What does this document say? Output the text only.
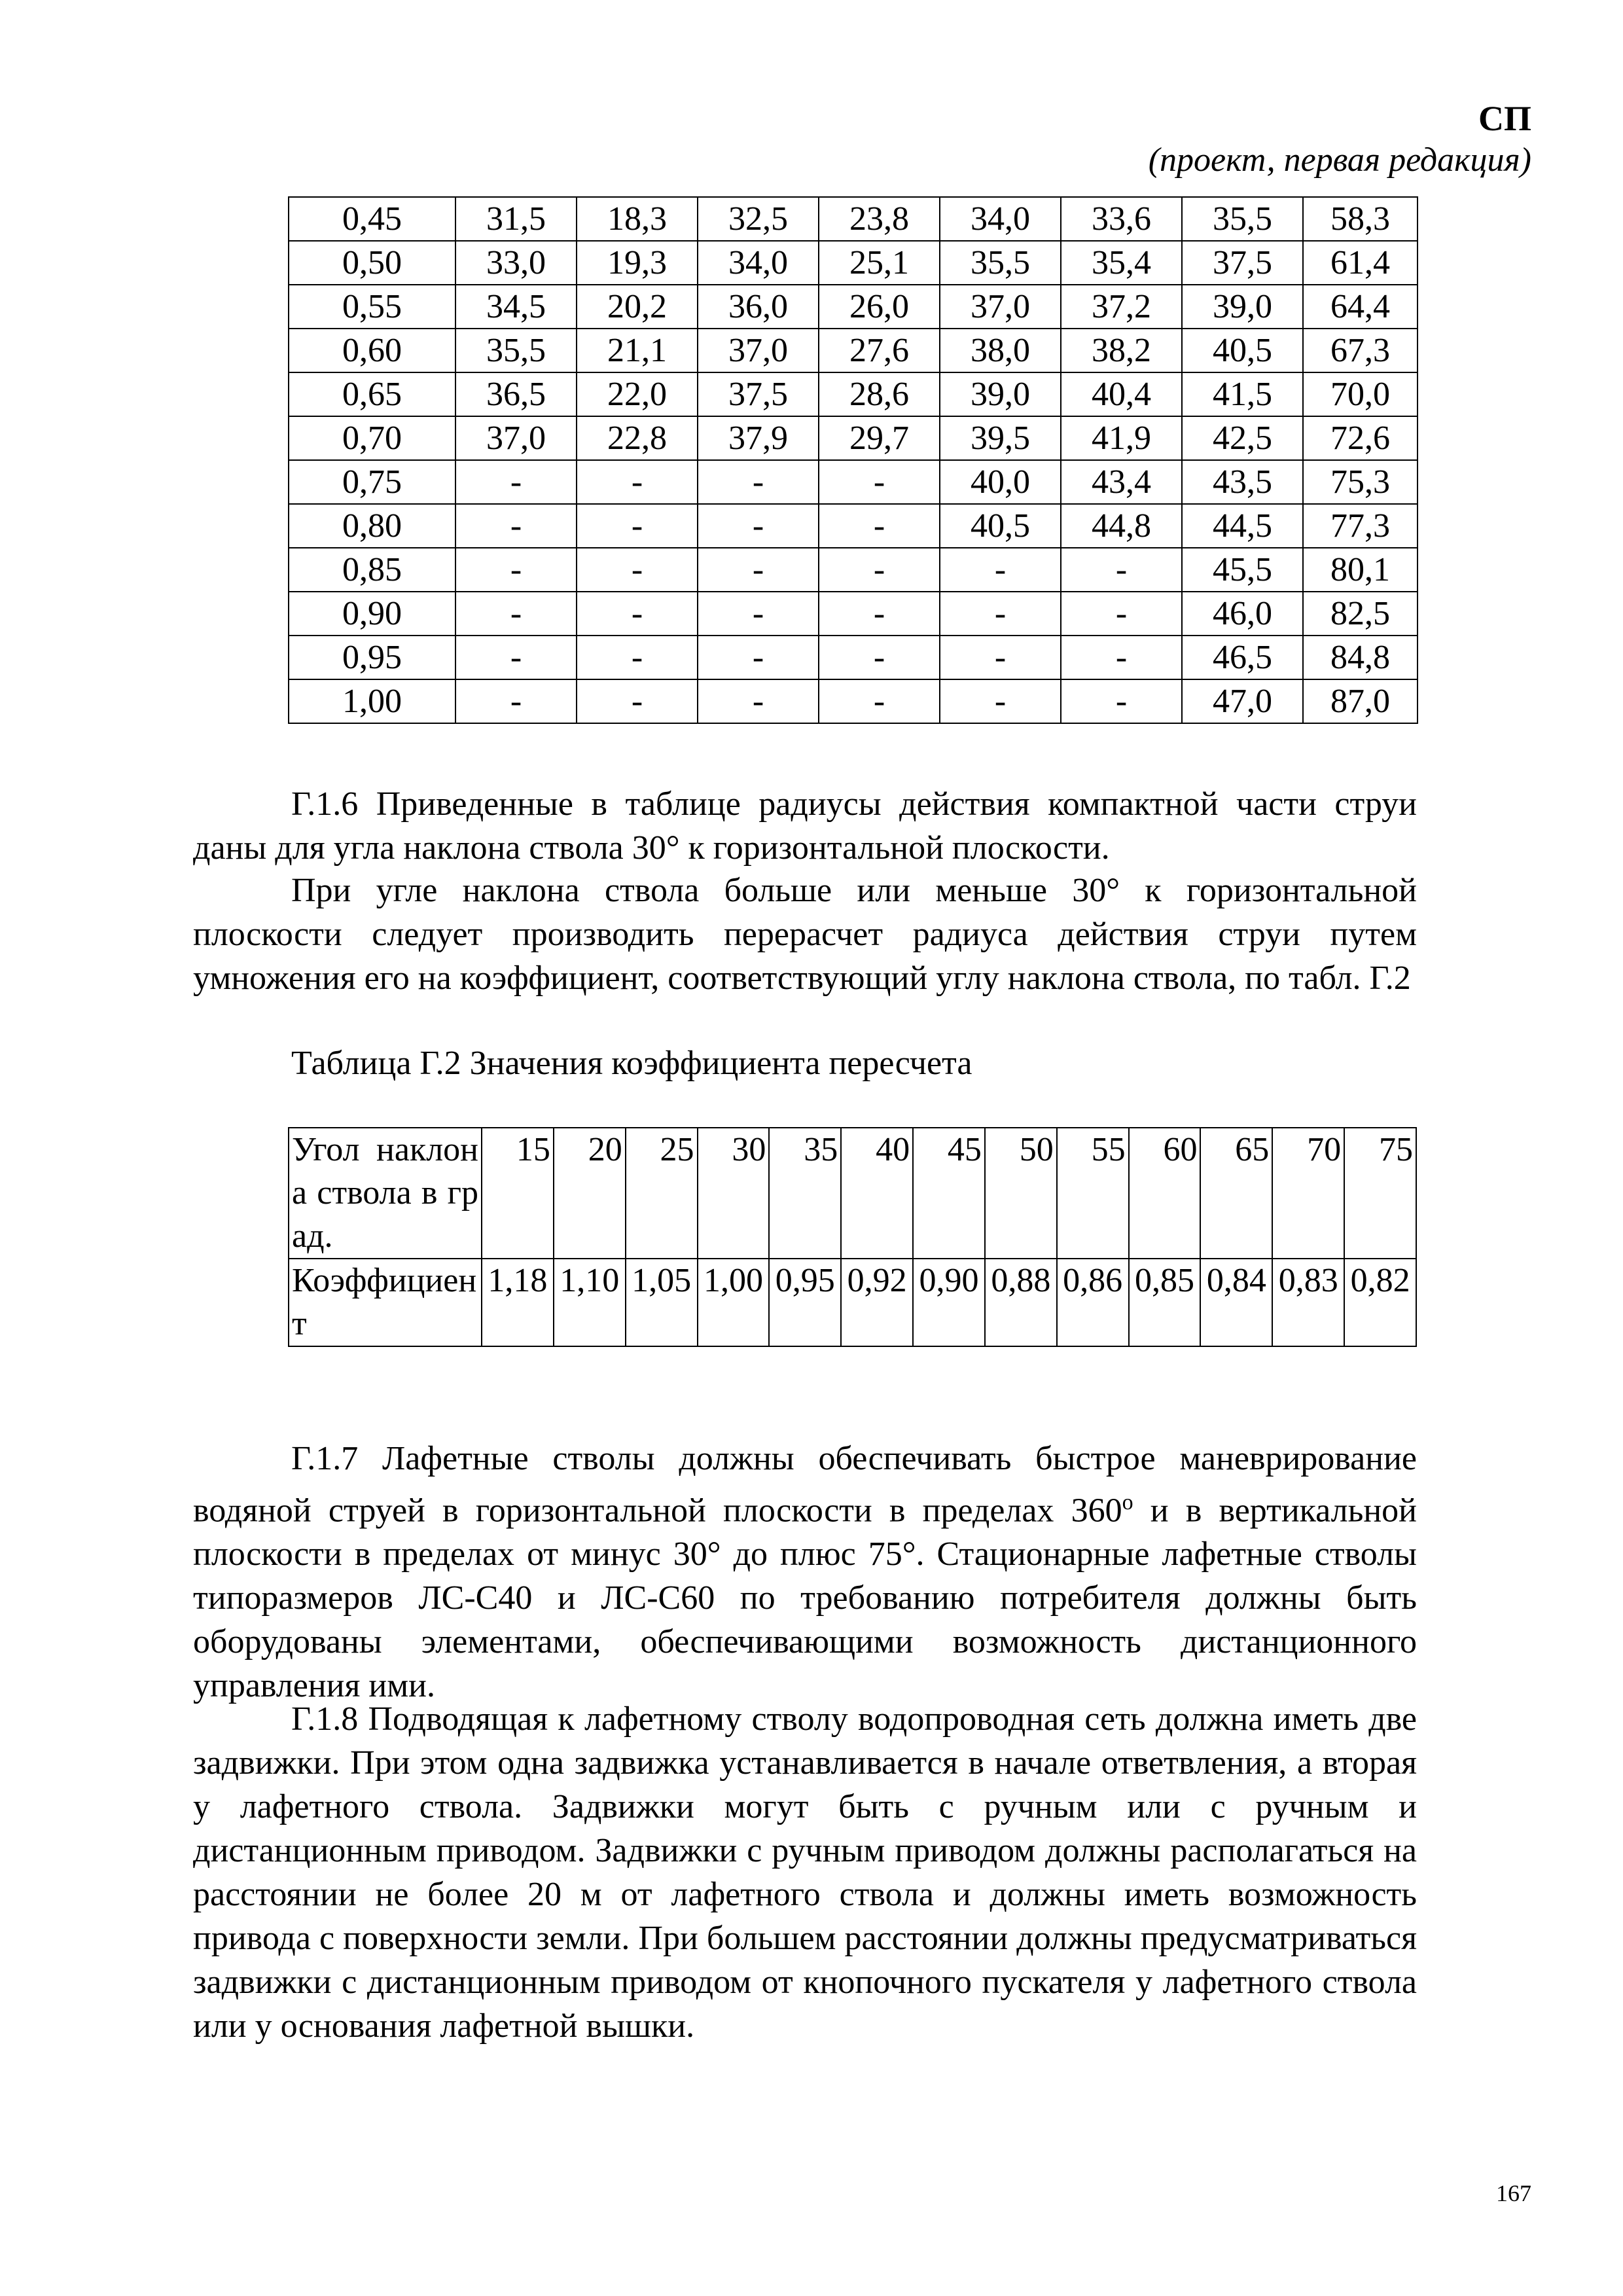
СП
(проект, первая редакция)
0,45	31,5	18,3	32,5	23,8	34,0	33,6	35,5	58,3
0,50	33,0	19,3	34,0	25,1	35,5	35,4	37,5	61,4
0,55	34,5	20,2	36,0	26,0	37,0	37,2	39,0	64,4
0,60	35,5	21,1	37,0	27,6	38,0	38,2	40,5	67,3
0,65	36,5	22,0	37,5	28,6	39,0	40,4	41,5	70,0
0,70	37,0	22,8	37,9	29,7	39,5	41,9	42,5	72,6
0,75	-	-	-	-	40,0	43,4	43,5	75,3
0,80	-	-	-	-	40,5	44,8	44,5	77,3
0,85	-	-	-	-	-	-	45,5	80,1
0,90	-	-	-	-	-	-	46,0	82,5
0,95	-	-	-	-	-	-	46,5	84,8
1,00	-	-	-	-	-	-	47,0	87,0
Г.1.6 Приведенные в таблице радиусы действия компактной части струи даны для угла наклона ствола 30° к горизонтальной плоскости.
При угле наклона ствола больше или меньше 30° к горизонтальной плоскости следует производить перерасчет радиуса действия струи путем умножения его на коэффициент, соответствующий углу наклона ствола, по табл. Г.2
Таблица Г.2 Значения коэффициента пересчета
Угол наклона ствола в град.	15	20	25	30	35	40	45	50	55	60	65	70	75
Коэффициент	1,18	1,10	1,05	1,00	0,95	0,92	0,90	0,88	0,86	0,85	0,84	0,83	0,82
Г.1.7 Лафетные стволы должны обеспечивать быстрое маневрирование водяной струей в горизонтальной плоскости в пределах $360^о$ и в вертикальной плоскости в пределах от минус 30° до плюс 75°. Стационарные лафетные стволы типоразмеров ЛС-С40 и ЛС-С60 по требованию потребителя должны быть оборудованы элементами, обеспечивающими возможность дистанционного управления ими.
Г.1.8 Подводящая к лафетному стволу водопроводная сеть должна иметь две задвижки. При этом одна задвижка устанавливается в начале ответвления, а вторая у лафетного ствола. Задвижки могут быть с ручным или с ручным и дистанционным приводом. Задвижки с ручным приводом должны располагаться на расстоянии не более 20 м от лафетного ствола и должны иметь возможность привода с поверхности земли. При большем расстоянии должны предусматриваться задвижки с дистанционным приводом от кнопочного пускателя у лафетного ствола или у основания лафетной вышки.
167
